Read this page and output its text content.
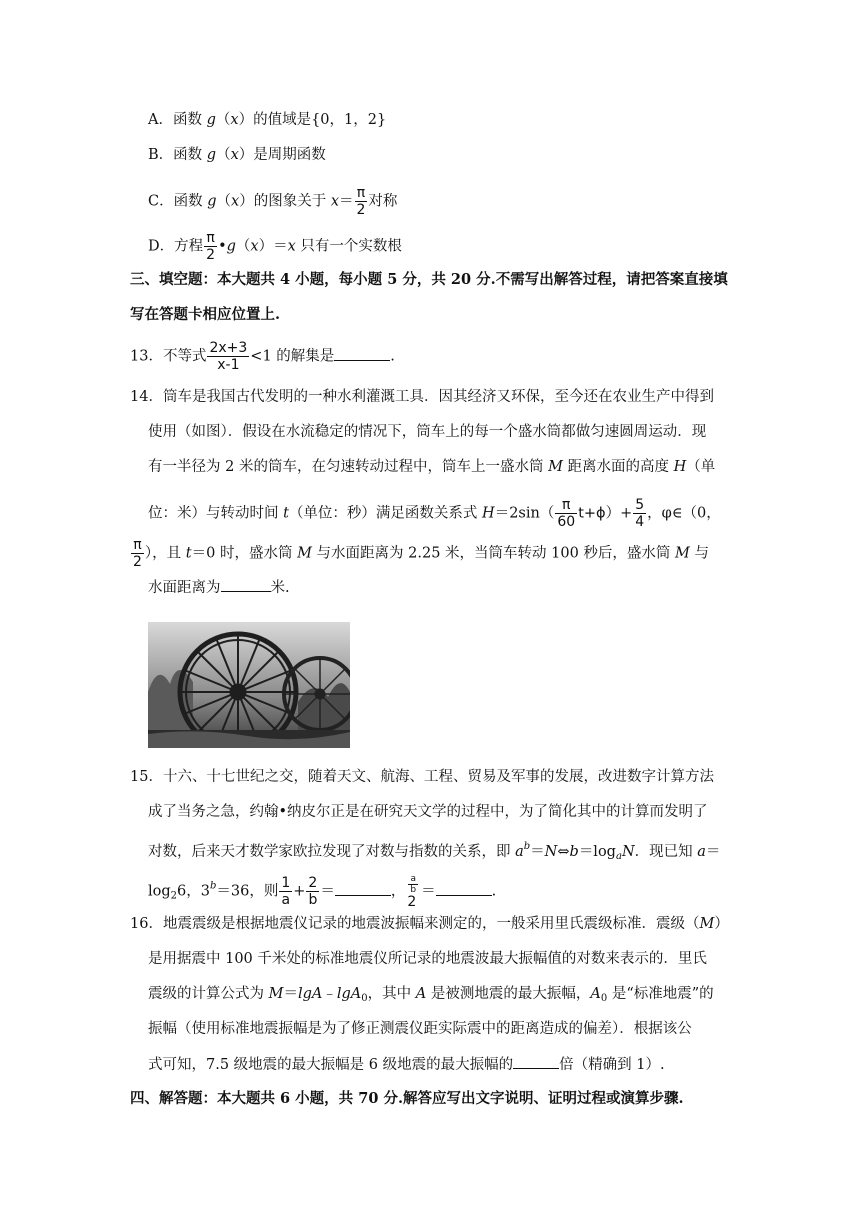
A．函数 g（x）的值域是{0，1，2}
B．函数 g（x）是周期函数
C．函数 g（x）的图象关于 $x= \frac{\pi}{2}$ 对称
D．方程 $\frac{\pi}{2}$ •g（x）＝x 只有一个实数根
三、填空题：本大题共 4 小题，每小题 5 分，共 20 分.不需写出解答过程，请把答案直接填
写在答题卡相应位置上.
13．不等式 $\frac{2x+3}{x-1} <1$ 的解集是	.
14．筒车是我国古代发明的一种水利灌溉工具．因其经济又环保，至今还在农业生产中得到
使用（如图）．假设在水流稳定的情况下，筒车上的每一个盛水筒都做匀速圆周运动．现
有一半径为 2 米的筒车，在匀速转动过程中，筒车上一盛水筒 M 距离水面的高度 H（单
位：米）与转动时间 t（单位：秒）满足函数关系式 $H=2\sin( \frac{\pi}{60} t+\phi)+ \frac{5}{4}$ ，φ∈（0，
$\frac{\pi}{2}$ ），且 t＝0 时，盛水筒 M 与水面距离为 2.25 米，当筒车转动 100 秒后，盛水筒 M 与
水面距离为	米.
15．十六、十七世纪之交，随着天文、航海、工程、贸易及军事的发展，改进数字计算方法
成了当务之急，约翰•纳皮尔正是在研究天文学的过程中，为了简化其中的计算而发明了
对数，后来天才数学家欧拉发现了对数与指数的关系，即 $a^b=N\Leftrightarrow b=\log_aN$．现已知 a＝
$\log_26$，$3^b=36$，则 $\frac{1}{a} + \frac{2}{b}$ ＝	， $\frac{a}{b}$
2
＝	.
16．地震震级是根据地震仪记录的地震波振幅来测定的，一般采用里氏震级标准．震级（M）
是用据震中 100 千米处的标准地震仪所记录的地震波最大振幅值的对数来表示的．里氏
震级的计算公式为 M＝lgA﹣lgA$_0$，其中 A 是被测地震的最大振幅，$A_0$ 是“标准地震”的
振幅（使用标准地震振幅是为了修正测震仪距实际震中的距离造成的偏差）．根据该公
式可知，7.5 级地震的最大振幅是 6 级地震的最大振幅的	倍（精确到 1）.
四、解答题：本大题共 6 小题，共 70 分.解答应写出文字说明、证明过程或演算步骤.
